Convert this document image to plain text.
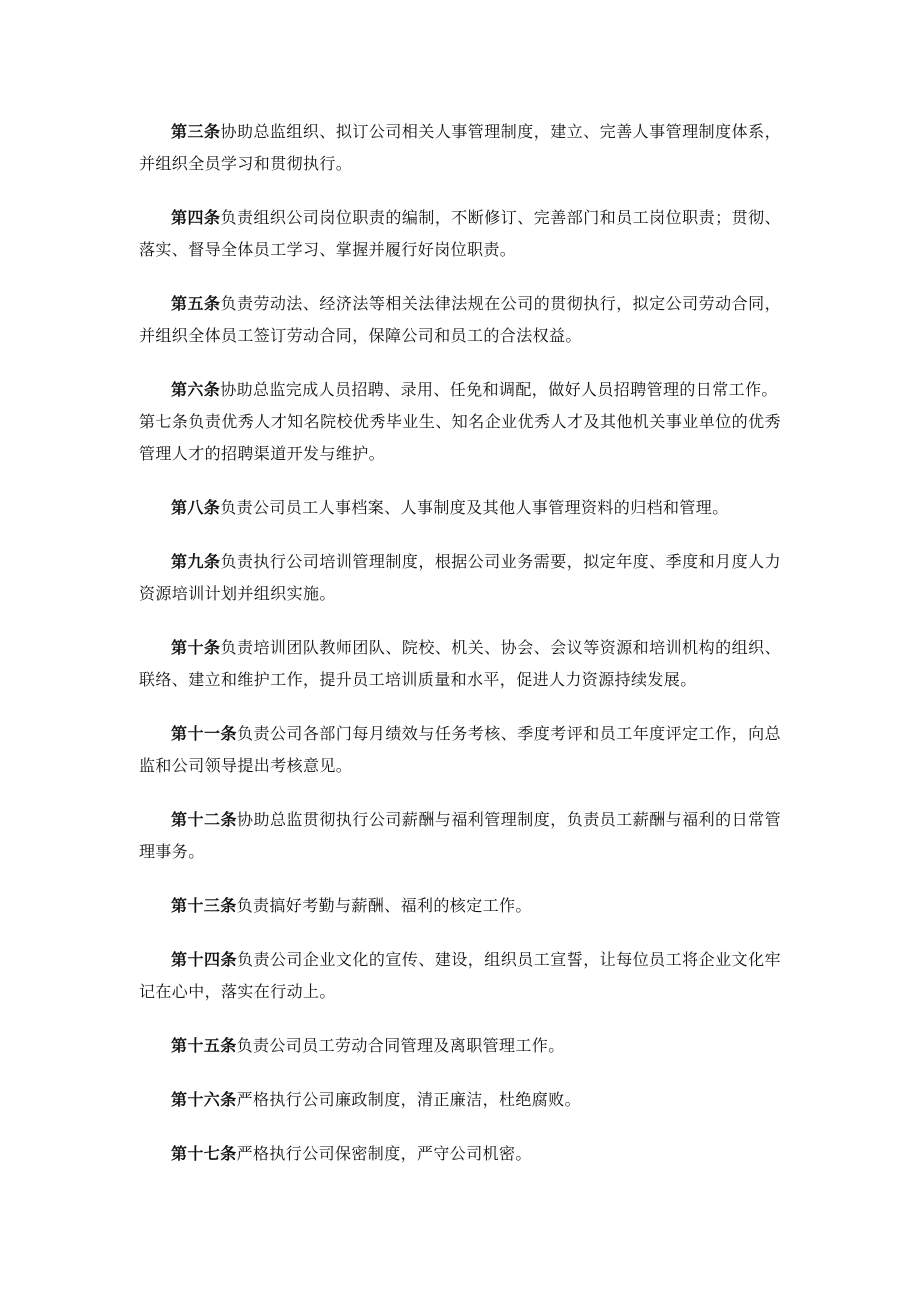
第三条协助总监组织、拟订公司相关人事管理制度，建立、完善人事管理制度体系，并组织全员学习和贯彻执行。

第四条负责组织公司岗位职责的编制，不断修订、完善部门和员工岗位职责；贯彻、落实、督导全体员工学习、掌握并履行好岗位职责。

第五条负责劳动法、经济法等相关法律法规在公司的贯彻执行，拟定公司劳动合同，并组织全体员工签订劳动合同，保障公司和员工的合法权益。

第六条协助总监完成人员招聘、录用、任免和调配，做好人员招聘管理的日常工作。

第七条负责优秀人才知名院校优秀毕业生、知名企业优秀人才及其他机关事业单位的优秀管理人才的招聘渠道开发与维护。

第八条负责公司员工人事档案、人事制度及其他人事管理资料的归档和管理。

第九条负责执行公司培训管理制度，根据公司业务需要，拟定年度、季度和月度人力资源培训计划并组织实施。

第十条负责培训团队教师团队、院校、机关、协会、会议等资源和培训机构的组织、联络、建立和维护工作，提升员工培训质量和水平，促进人力资源持续发展。

第十一条负责公司各部门每月绩效与任务考核、季度考评和员工年度评定工作，向总监和公司领导提出考核意见。

第十二条协助总监贯彻执行公司薪酬与福利管理制度，负责员工薪酬与福利的日常管理事务。

第十三条负责搞好考勤与薪酬、福利的核定工作。

第十四条负责公司企业文化的宣传、建设，组织员工宣誓，让每位员工将企业文化牢记在心中，落实在行动上。

第十五条负责公司员工劳动合同管理及离职管理工作。

第十六条严格执行公司廉政制度，清正廉洁，杜绝腐败。

第十七条严格执行公司保密制度，严守公司机密。
